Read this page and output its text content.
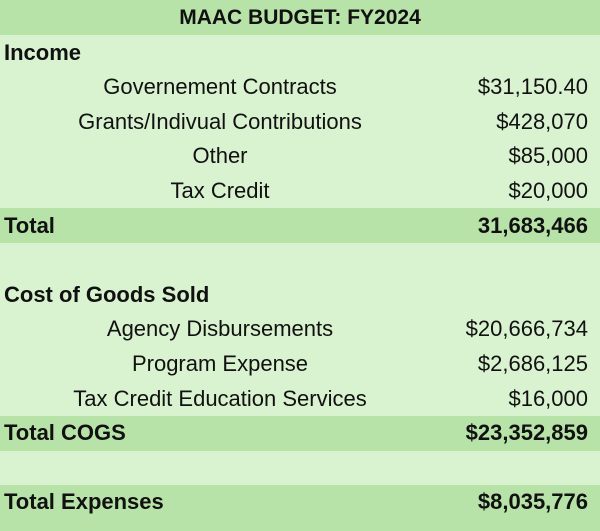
MAAC BUDGET: FY2024
Income
Governement Contracts	$31,150.40
Grants/Indivual Contributions	$428,070
Other	$85,000
Tax Credit	$20,000
Total	31,683,466
Cost of Goods Sold
Agency Disbursements	$20,666,734
Program Expense	$2,686,125
Tax Credit Education Services	$16,000
Total COGS	$23,352,859
Total Expenses	$8,035,776
